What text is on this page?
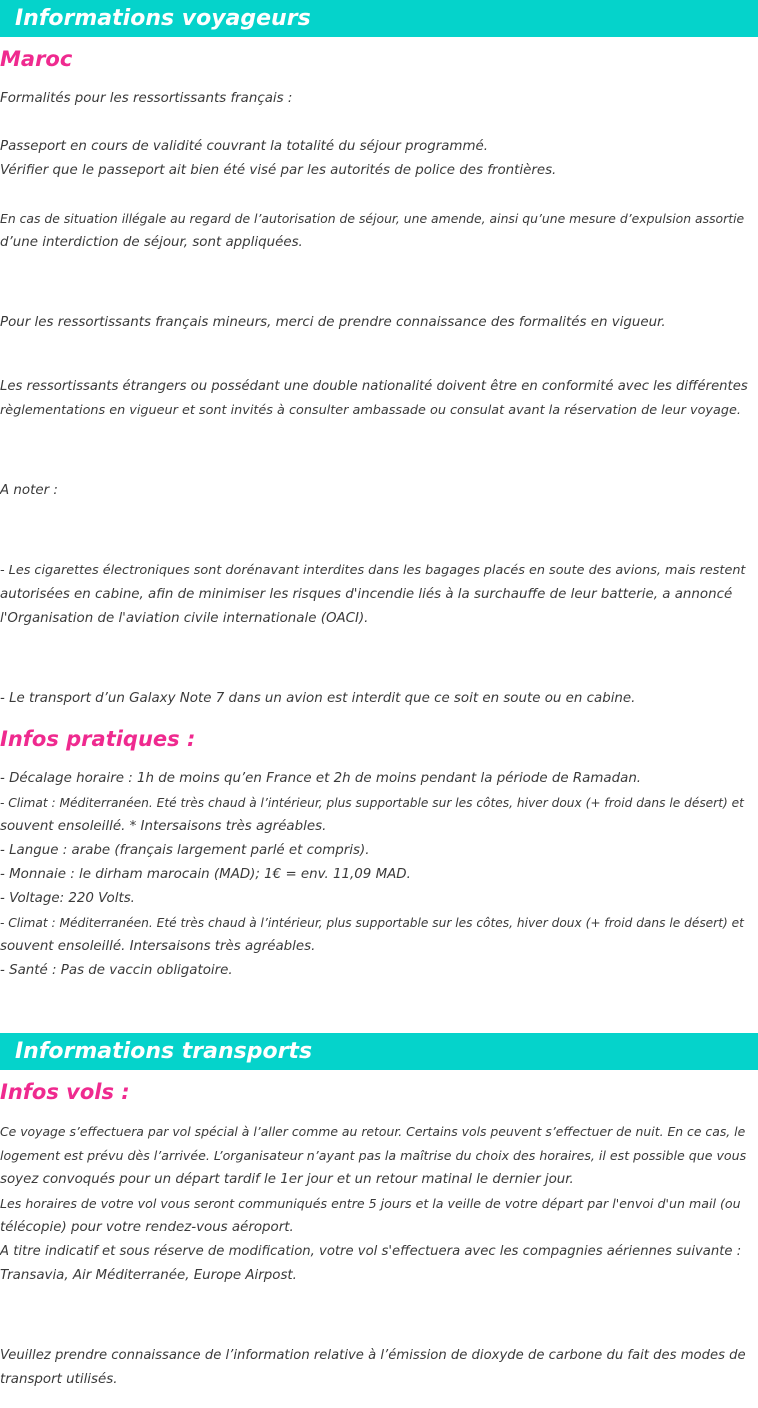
Informations voyageurs
Maroc
Formalités pour les ressortissants français :
Passeport en cours de validité couvrant la totalité du séjour programmé.
Vérifier que le passeport ait bien été visé par les autorités de police des frontières.
En cas de situation illégale au regard de l’autorisation de séjour, une amende, ainsi qu’une mesure d’expulsion assortie
d’une interdiction de séjour, sont appliquées.
Pour les ressortissants français mineurs, merci de prendre connaissance des formalités en vigueur.
Les ressortissants étrangers ou possédant une double nationalité doivent être en conformité avec les différentes
règlementations en vigueur et sont invités à consulter ambassade ou consulat avant la réservation de leur voyage.
A noter :
- Les cigarettes électroniques sont dorénavant interdites dans les bagages placés en soute des avions, mais restent
autorisées en cabine, afin de minimiser les risques d'incendie liés à la surchauffe de leur batterie, a annoncé
l'Organisation de l'aviation civile internationale (OACI).
- Le transport d’un Galaxy Note 7 dans un avion est interdit que ce soit en soute ou en cabine.
Infos pratiques :
- Décalage horaire : 1h de moins qu’en France et 2h de moins pendant la période de Ramadan.
- Climat : Méditerranéen. Eté très chaud à l’intérieur, plus supportable sur les côtes, hiver doux (+ froid dans le désert) et
souvent ensoleillé. * Intersaisons très agréables.
- Langue : arabe (français largement parlé et compris).
- Monnaie : le dirham marocain (MAD); 1€ = env. 11,09 MAD.
- Voltage: 220 Volts.
- Climat : Méditerranéen. Eté très chaud à l’intérieur, plus supportable sur les côtes, hiver doux (+ froid dans le désert) et
souvent ensoleillé. Intersaisons très agréables.
- Santé : Pas de vaccin obligatoire.
Informations transports
Infos vols :
Ce voyage s’effectuera par vol spécial à l’aller comme au retour. Certains vols peuvent s’effectuer de nuit. En ce cas, le
logement est prévu dès l’arrivée. L’organisateur n’ayant pas la maîtrise du choix des horaires, il est possible que vous
soyez convoqués pour un départ tardif le 1er jour et un retour matinal le dernier jour.
Les horaires de votre vol vous seront communiqués entre 5 jours et la veille de votre départ par l'envoi d'un mail (ou
télécopie) pour votre rendez-vous aéroport.
A titre indicatif et sous réserve de modification, votre vol s'effectuera avec les compagnies aériennes suivante :
Transavia, Air Méditerranée, Europe Airpost.
Veuillez prendre connaissance de l’information relative à l’émission de dioxyde de carbone du fait des modes de
transport utilisés.
